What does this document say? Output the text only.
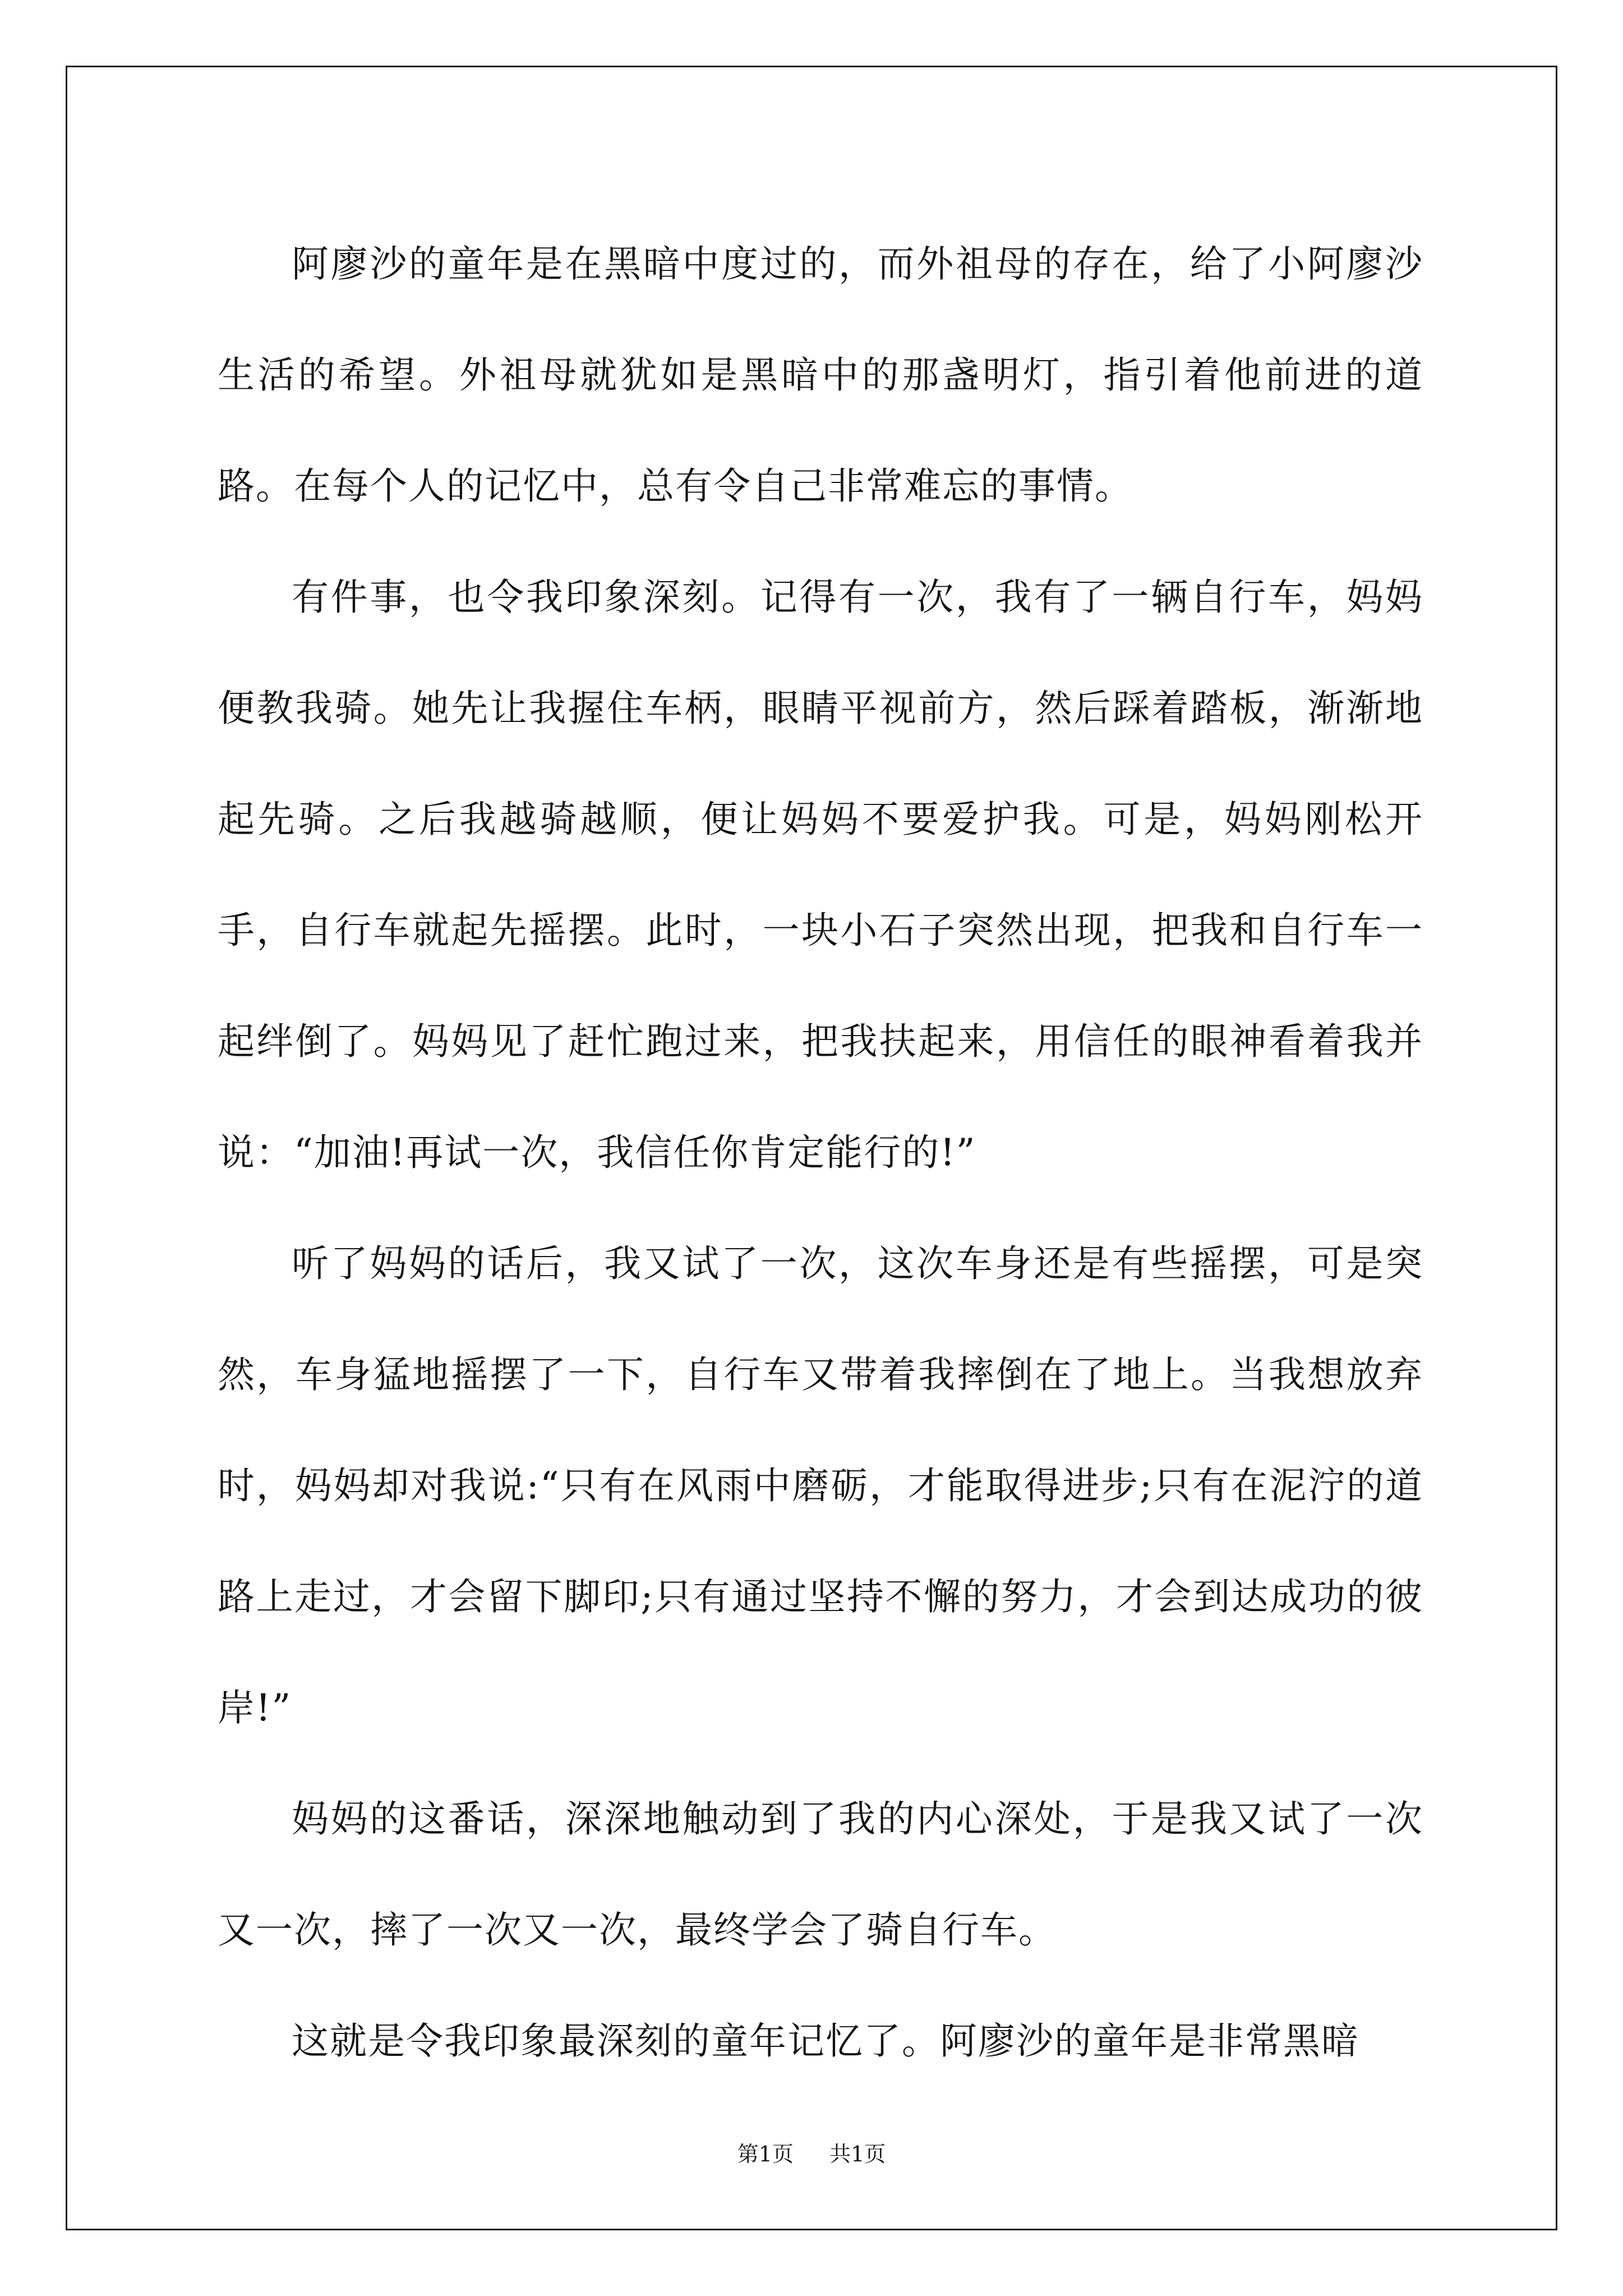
阿廖沙的童年是在黑暗中度过的，而外祖母的存在，给了小阿廖沙生活的希望。外祖母就犹如是黑暗中的那盏明灯，指引着他前进的道路。在每个人的记忆中，总有令自己非常难忘的事情。

有件事，也令我印象深刻。记得有一次，我有了一辆自行车，妈妈便教我骑。她先让我握住车柄，眼睛平视前方，然后踩着踏板，渐渐地起先骑。之后我越骑越顺，便让妈妈不要爱护我。可是，妈妈刚松开手，自行车就起先摇摆。此时，一块小石子突然出现，把我和自行车一起绊倒了。妈妈见了赶忙跑过来，把我扶起来，用信任的眼神看着我并说：“加油!再试一次，我信任你肯定能行的!”

听了妈妈的话后，我又试了一次，这次车身还是有些摇摆，可是突然，车身猛地摇摆了一下，自行车又带着我摔倒在了地上。当我想放弃时，妈妈却对我说:“只有在风雨中磨砺，才能取得进步;只有在泥泞的道路上走过，才会留下脚印;只有通过坚持不懈的努力，才会到达成功的彼岸!”

妈妈的这番话，深深地触动到了我的内心深处，于是我又试了一次又一次，摔了一次又一次，最终学会了骑自行车。

这就是令我印象最深刻的童年记忆了。阿廖沙的童年是非常黑暗

第1页 共1页
